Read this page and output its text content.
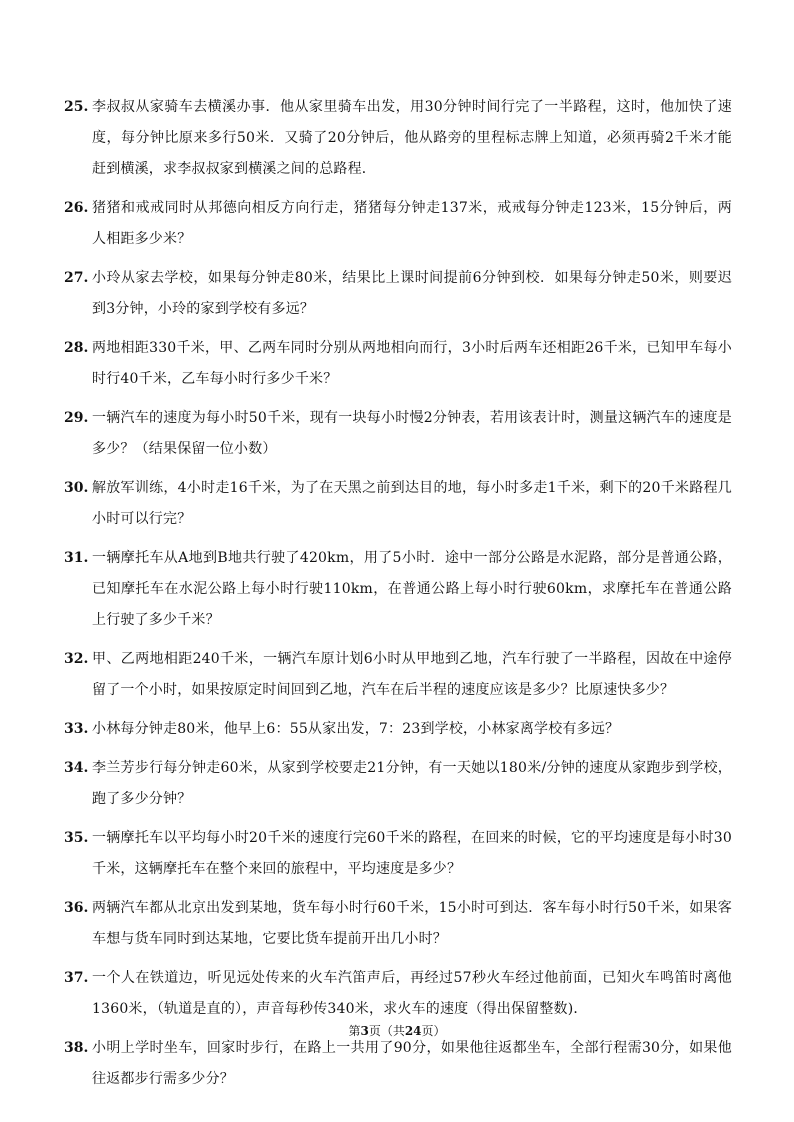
25. 李叔叔从家骑车去横溪办事．他从家里骑车出发，用30分钟时间行完了一半路程，这时，他加快了速度，每分钟比原来多行50米．又骑了20分钟后，他从路旁的里程标志牌上知道，必须再骑2千米才能赶到横溪，求李叔叔家到横溪之间的总路程．
26. 猪猪和戒戒同时从邦德向相反方向行走，猪猪每分钟走137米，戒戒每分钟走123米，15分钟后，两人相距多少米？
27. 小玲从家去学校，如果每分钟走80米，结果比上课时间提前6分钟到校．如果每分钟走50米，则要迟到3分钟，小玲的家到学校有多远？
28. 两地相距330千米，甲、乙两车同时分别从两地相向而行，3小时后两车还相距26千米，已知甲车每小时行40千米，乙车每小时行多少千米？
29. 一辆汽车的速度为每小时50千米，现有一块每小时慢2分钟表，若用该表计时，测量这辆汽车的速度是多少？（结果保留一位小数）
30. 解放军训练，4小时走16千米，为了在天黑之前到达目的地，每小时多走1千米，剩下的20千米路程几小时可以行完？
31. 一辆摩托车从A地到B地共行驶了420km，用了5小时．途中一部分公路是水泥路，部分是普通公路，已知摩托车在水泥公路上每小时行驶110km，在普通公路上每小时行驶60km，求摩托车在普通公路上行驶了多少千米？
32. 甲、乙两地相距240千米，一辆汽车原计划6小时从甲地到乙地，汽车行驶了一半路程，因故在中途停留了一个小时，如果按原定时间回到乙地，汽车在后半程的速度应该是多少？比原速快多少？
33. 小林每分钟走80米，他早上6：55从家出发，7：23到学校，小林家离学校有多远？
34. 李兰芳步行每分钟走60米，从家到学校要走21分钟，有一天她以180米/分钟的速度从家跑步到学校，跑了多少分钟？
35. 一辆摩托车以平均每小时20千米的速度行完60千米的路程，在回来的时候，它的平均速度是每小时30千米，这辆摩托车在整个来回的旅程中，平均速度是多少？
36. 两辆汽车都从北京出发到某地，货车每小时行60千米，15小时可到达．客车每小时行50千米，如果客车想与货车同时到达某地，它要比货车提前开出几小时？
37. 一个人在铁道边，听见远处传来的火车汽笛声后，再经过57秒火车经过他前面，已知火车鸣笛时离他1360米，（轨道是直的），声音每秒传340米，求火车的速度（得出保留整数)．
38. 小明上学时坐车，回家时步行，在路上一共用了90分，如果他往返都坐车，全部行程需30分，如果他往返都步行需多少分？
第3页（共24页）
